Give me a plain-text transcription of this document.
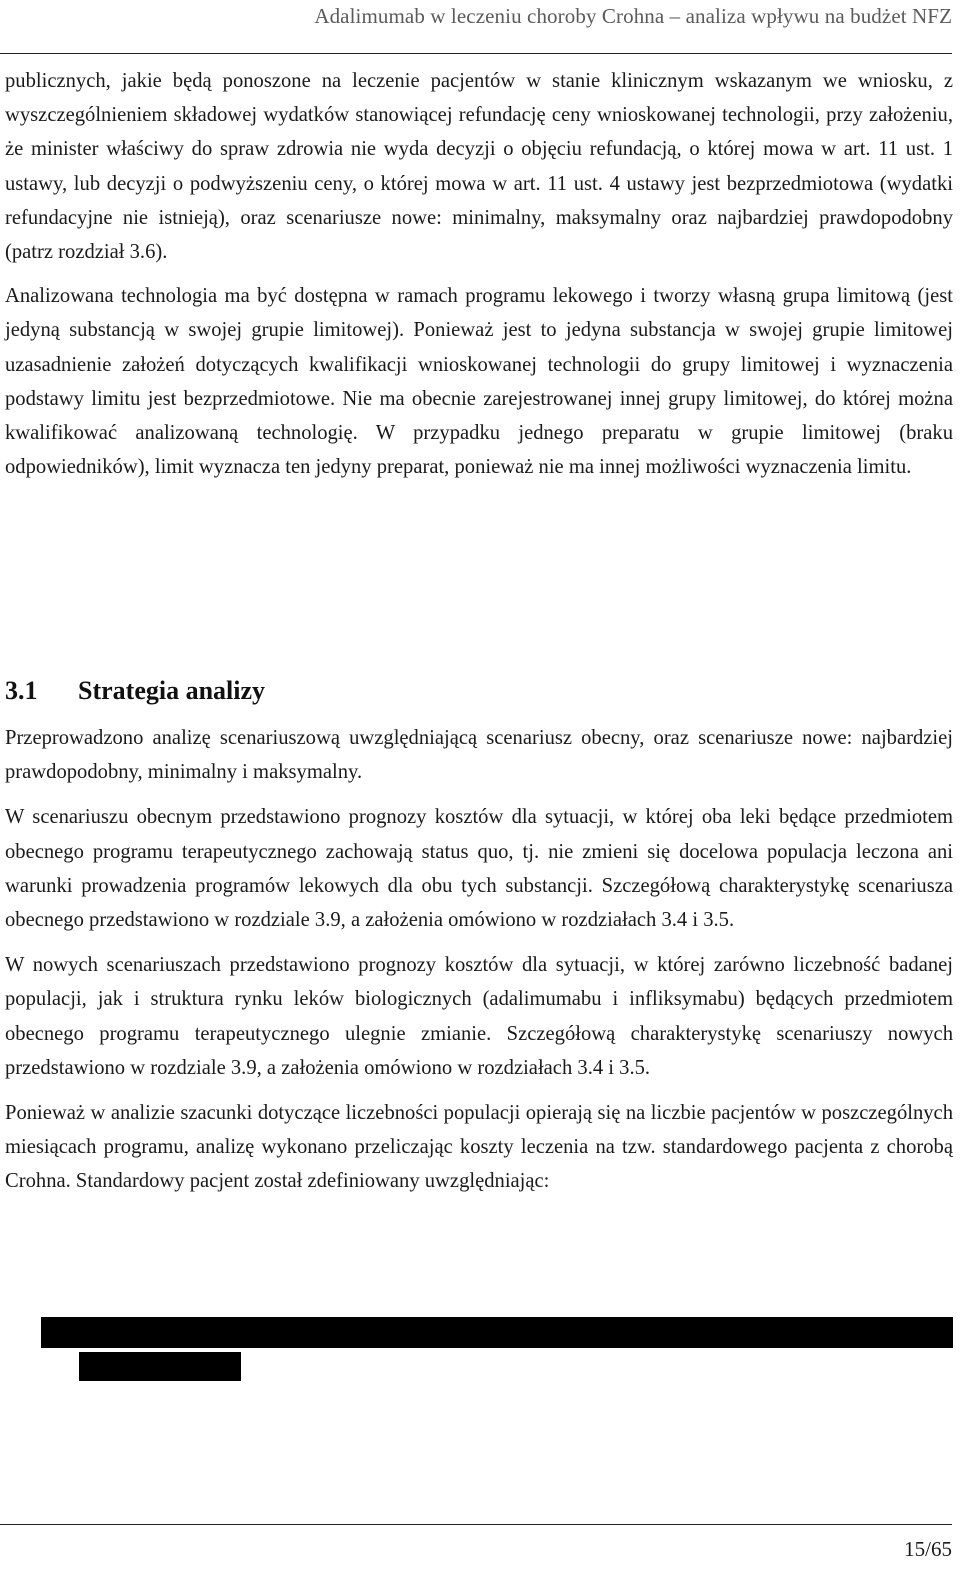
Adalimumab w leczeniu choroby Crohna – analiza wpływu na budżet NFZ

publicznych, jakie będą ponoszone na leczenie pacjentów w stanie klinicznym wskazanym we wniosku, z wyszczególnieniem składowej wydatków stanowiącej refundację ceny wnioskowanej technologii, przy założeniu, że minister właściwy do spraw zdrowia nie wyda decyzji o objęciu refundacją, o której mowa w art. 11 ust. 1 ustawy, lub decyzji o podwyższeniu ceny, o której mowa w art. 11 ust. 4 ustawy jest bezprzedmiotowa (wydatki refundacyjne nie istnieją), oraz scenariusze nowe: minimalny, maksymalny oraz najbardziej prawdopodobny (patrz rozdział 3.6).

Analizowana technologia ma być dostępna w ramach programu lekowego i tworzy własną grupa limitową (jest jedyną substancją w swojej grupie limitowej). Ponieważ jest to jedyna substancja w swojej grupie limitowej uzasadnienie założeń dotyczących kwalifikacji wnioskowanej technologii do grupy limitowej i wyznaczenia podstawy limitu jest bezprzedmiotowe. Nie ma obecnie zarejestrowanej innej grupy limitowej, do której można kwalifikować analizowaną technologię. W przypadku jednego preparatu w grupie limitowej (braku odpowiedników), limit wyznacza ten jedyny preparat, ponieważ nie ma innej możliwości wyznaczenia limitu.

3.1 Strategia analizy

Przeprowadzono analizę scenariuszową uwzględniającą scenariusz obecny, oraz scenariusze nowe: najbardziej prawdopodobny, minimalny i maksymalny.

W scenariuszu obecnym przedstawiono prognozy kosztów dla sytuacji, w której oba leki będące przedmiotem obecnego programu terapeutycznego zachowają status quo, tj. nie zmieni się docelowa populacja leczona ani warunki prowadzenia programów lekowych dla obu tych substancji. Szczegółową charakterystykę scenariusza obecnego przedstawiono w rozdziale 3.9, a założenia omówiono w rozdziałach 3.4 i 3.5.

W nowych scenariuszach przedstawiono prognozy kosztów dla sytuacji, w której zarówno liczebność badanej populacji, jak i struktura rynku leków biologicznych (adalimumabu i infliksymabu) będących przedmiotem obecnego programu terapeutycznego ulegnie zmianie. Szczegółową charakterystykę scenariuszy nowych przedstawiono w rozdziale 3.9, a założenia omówiono w rozdziałach 3.4 i 3.5.

Ponieważ w analizie szacunki dotyczące liczebności populacji opierają się na liczbie pacjentów w poszczególnych miesiącach programu, analizę wykonano przeliczając koszty leczenia na tzw. standardowego pacjenta z chorobą Crohna. Standardowy pacjent został zdefiniowany uwzględniając:

15/65
